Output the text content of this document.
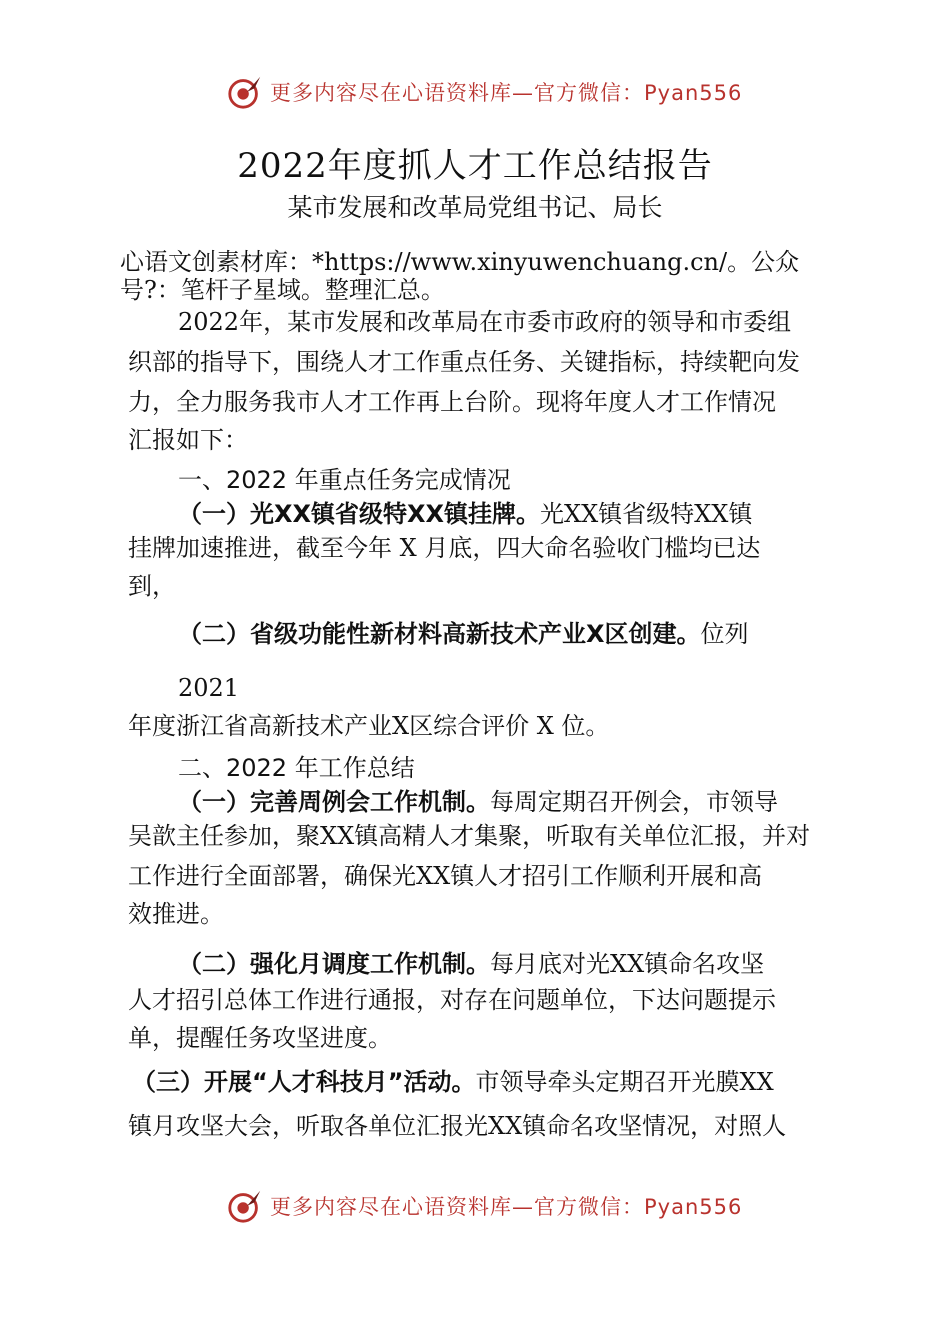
更多内容尽在心语资料库—官方微信：Pyan556
2022年度抓人才工作总结报告
某市发展和改革局党组书记、局长
心语文创素材库：*https://www.xinyuwenchuang.cn/。公众
号?：笔杆子星域。整理汇总。
2022年，某市发展和改革局在市委市政府的领导和市委组
织部的指导下，围绕人才工作重点任务、关键指标，持续靶向发
力，全力服务我市人才工作再上台阶。现将年度人才工作情况
汇报如下：
一、2022 年重点任务完成情况
（一）光XX镇省级特XX镇挂牌。光XX镇省级特XX镇
挂牌加速推进，截至今年 X 月底，四大命名验收门槛均已达
到，
（二）省级功能性新材料高新技术产业X区创建。位列
2021
年度浙江省高新技术产业X区综合评价 X 位。
二、2022 年工作总结
（一）完善周例会工作机制。每周定期召开例会，市领导
吴歆主任参加，聚XX镇高精人才集聚，听取有关单位汇报，并对
工作进行全面部署，确保光XX镇人才招引工作顺利开展和高
效推进。
（二）强化月调度工作机制。每月底对光XX镇命名攻坚
人才招引总体工作进行通报，对存在问题单位，下达问题提示
单，提醒任务攻坚进度。
（三）开展“人才科技月”活动。市领导牵头定期召开光膜XX
镇月攻坚大会，听取各单位汇报光XX镇命名攻坚情况，对照人
更多内容尽在心语资料库—官方微信：Pyan556
